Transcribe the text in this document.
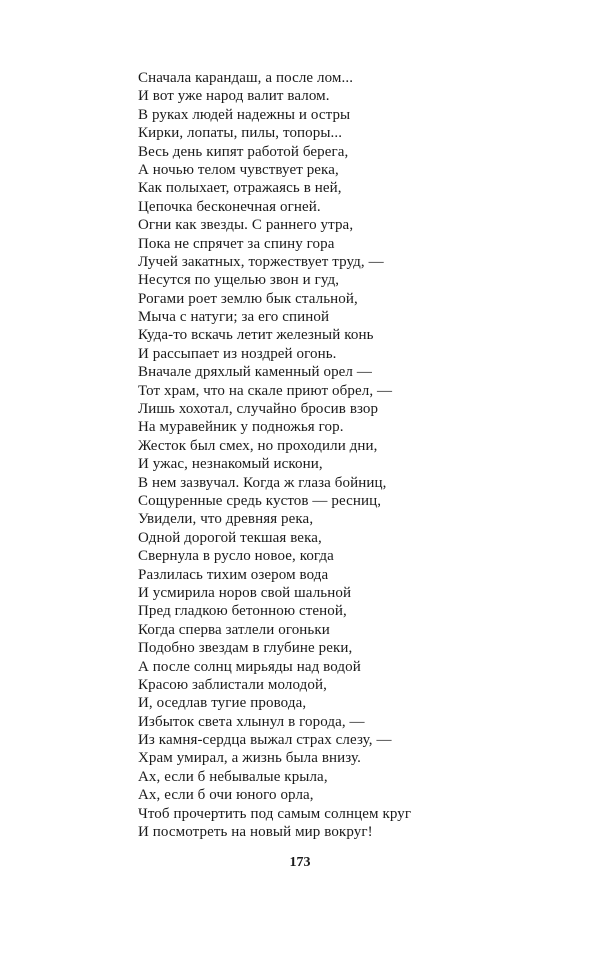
Сначала карандаш, а после лом...
И вот уже народ валит валом.
В руках людей надежны и остры
Кирки, лопаты, пилы, топоры...
Весь день кипят работой берега,
А ночью телом чувствует река,
Как полыхает, отражаясь в ней,
Цепочка бесконечная огней.
Огни как звезды. С раннего утра,
Пока не спрячет за спину гора
Лучей закатных, торжествует труд, —
Несутся по ущелью звон и гуд,
Рогами роет землю бык стальной,
Мыча с натуги; за его спиной
Куда-то вскачь летит железный конь
И рассыпает из ноздрей огонь.
Вначале дряхлый каменный орел —
Тот храм, что на скале приют обрел, —
Лишь хохотал, случайно бросив взор
На муравейник у подножья гор.
Жесток был смех, но проходили дни,
И ужас, незнакомый искони,
В нем зазвучал. Когда ж глаза бойниц,
Сощуренные средь кустов — ресниц,
Увидели, что древняя река,
Одной дорогой текшая века,
Свернула в русло новое, когда
Разлилась тихим озером вода
И усмирила норов свой шальной
Пред гладкою бетонною стеной,
Когда сперва затлели огоньки
Подобно звездам в глубине реки,
А после солнц мирьяды над водой
Красою заблистали молодой,
И, оседлав тугие провода,
Избыток света хлынул в города, —
Из камня-сердца выжал страх слезу, —
Храм умирал, а жизнь была внизу.
Ах, если б небывалые крыла,
Ах, если б очи юного орла,
Чтоб прочертить под самым солнцем круг
И посмотреть на новый мир вокруг!
173
